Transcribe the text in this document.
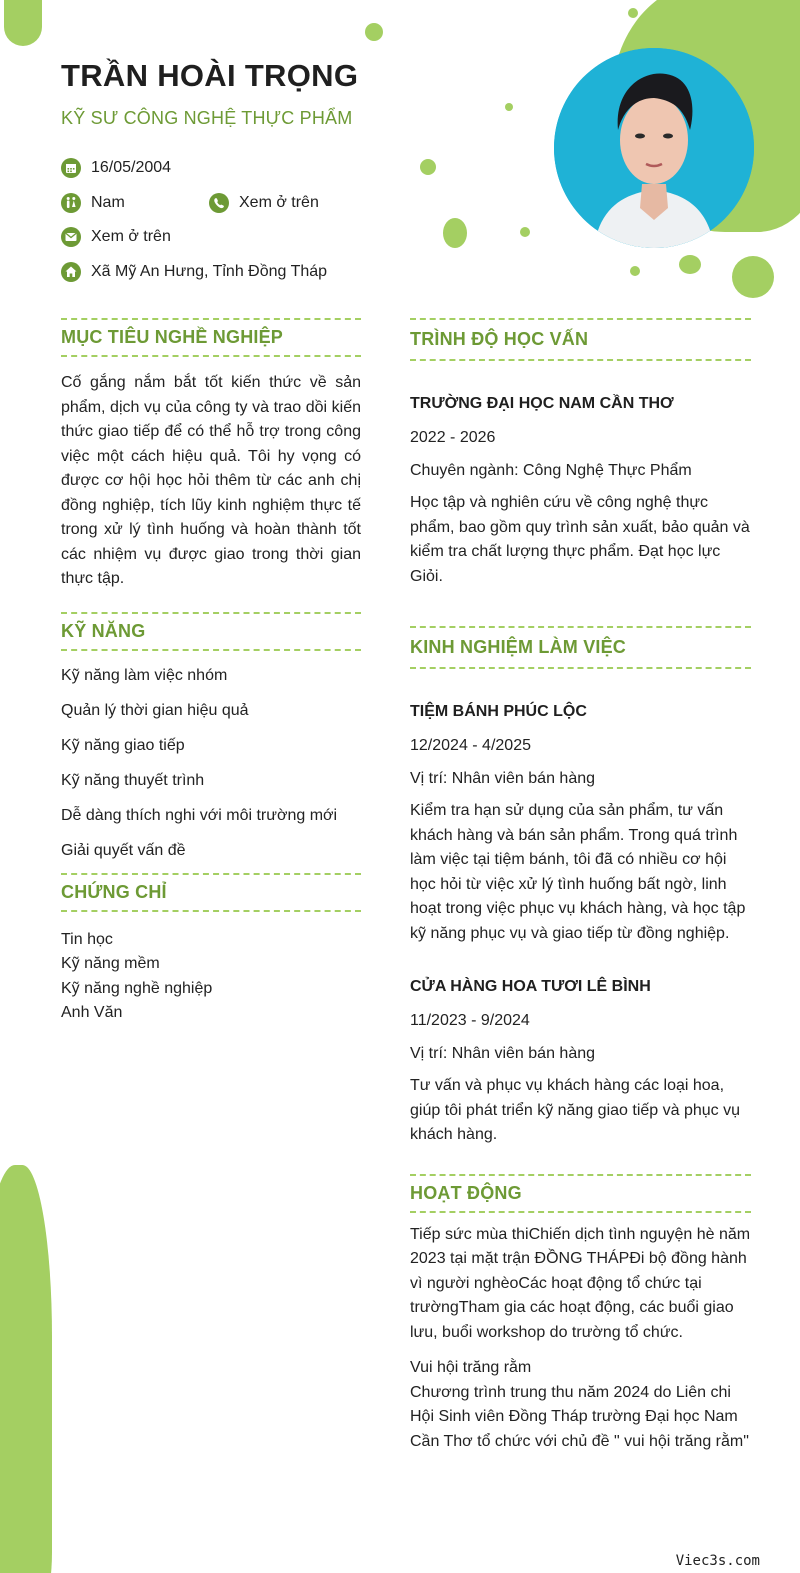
TRẦN HOÀI TRỌNG
KỸ SƯ CÔNG NGHỆ THỰC PHẨM
16/05/2004
Nam	Xem ở trên
Xem ở trên
Xã Mỹ An Hưng, Tỉnh Đồng Tháp
MỤC TIÊU NGHỀ NGHIỆP
Cố gắng nắm bắt tốt kiến thức về sản phẩm, dịch vụ của công ty và trao dồi kiến thức giao tiếp để có thể hỗ trợ trong công việc một cách hiệu quả. Tôi hy vọng có được cơ hội học hỏi thêm từ các anh chị đồng nghiệp, tích lũy kinh nghiệm thực tế trong xử lý tình huống và hoàn thành tốt các nhiệm vụ được giao trong thời gian thực tập.
KỸ NĂNG
Kỹ năng làm việc nhóm
Quản lý thời gian hiệu quả
Kỹ năng giao tiếp
Kỹ năng thuyết trình
Dễ dàng thích nghi với môi trường mới
Giải quyết vấn đề
CHỨNG CHỈ
Tin học
Kỹ năng mềm
Kỹ năng nghề nghiệp
Anh Văn
TRÌNH ĐỘ HỌC VẤN
TRƯỜNG ĐẠI HỌC NAM CẦN THƠ
2022 - 2026
Chuyên ngành: Công Nghệ Thực Phẩm
Học tập và nghiên cứu về công nghệ thực phẩm, bao gồm quy trình sản xuất, bảo quản và kiểm tra chất lượng thực phẩm. Đạt học lực Giỏi.
KINH NGHIỆM LÀM VIỆC
TIỆM BÁNH PHÚC LỘC
12/2024 - 4/2025
Vị trí: Nhân viên bán hàng
Kiểm tra hạn sử dụng của sản phẩm, tư vấn khách hàng và bán sản phẩm. Trong quá trình làm việc tại tiệm bánh, tôi đã có nhiều cơ hội học hỏi từ việc xử lý tình huống bất ngờ, linh hoạt trong việc phục vụ khách hàng, và học tập kỹ năng phục vụ và giao tiếp từ đồng nghiệp.
CỬA HÀNG HOA TƯƠI LÊ BÌNH
11/2023 - 9/2024
Vị trí: Nhân viên bán hàng
Tư vấn và phục vụ khách hàng các loại hoa, giúp tôi phát triển kỹ năng giao tiếp và phục vụ khách hàng.
HOẠT ĐỘNG
Tiếp sức mùa thiChiến dịch tình nguyện hè năm 2023 tại mặt trận ĐỒNG THÁPĐi bộ đồng hành vì người nghèoCác hoạt động tổ chức tại trườngTham gia các hoạt động, các buổi giao lưu, buổi workshop do trường tổ chức.
Vui hội trăng rằm
Chương trình trung thu năm 2024 do Liên chi Hội Sinh viên Đồng Tháp trường Đại học Nam Cần Thơ tổ chức với chủ đề " vui hội trăng rằm"
Viec3s.com
